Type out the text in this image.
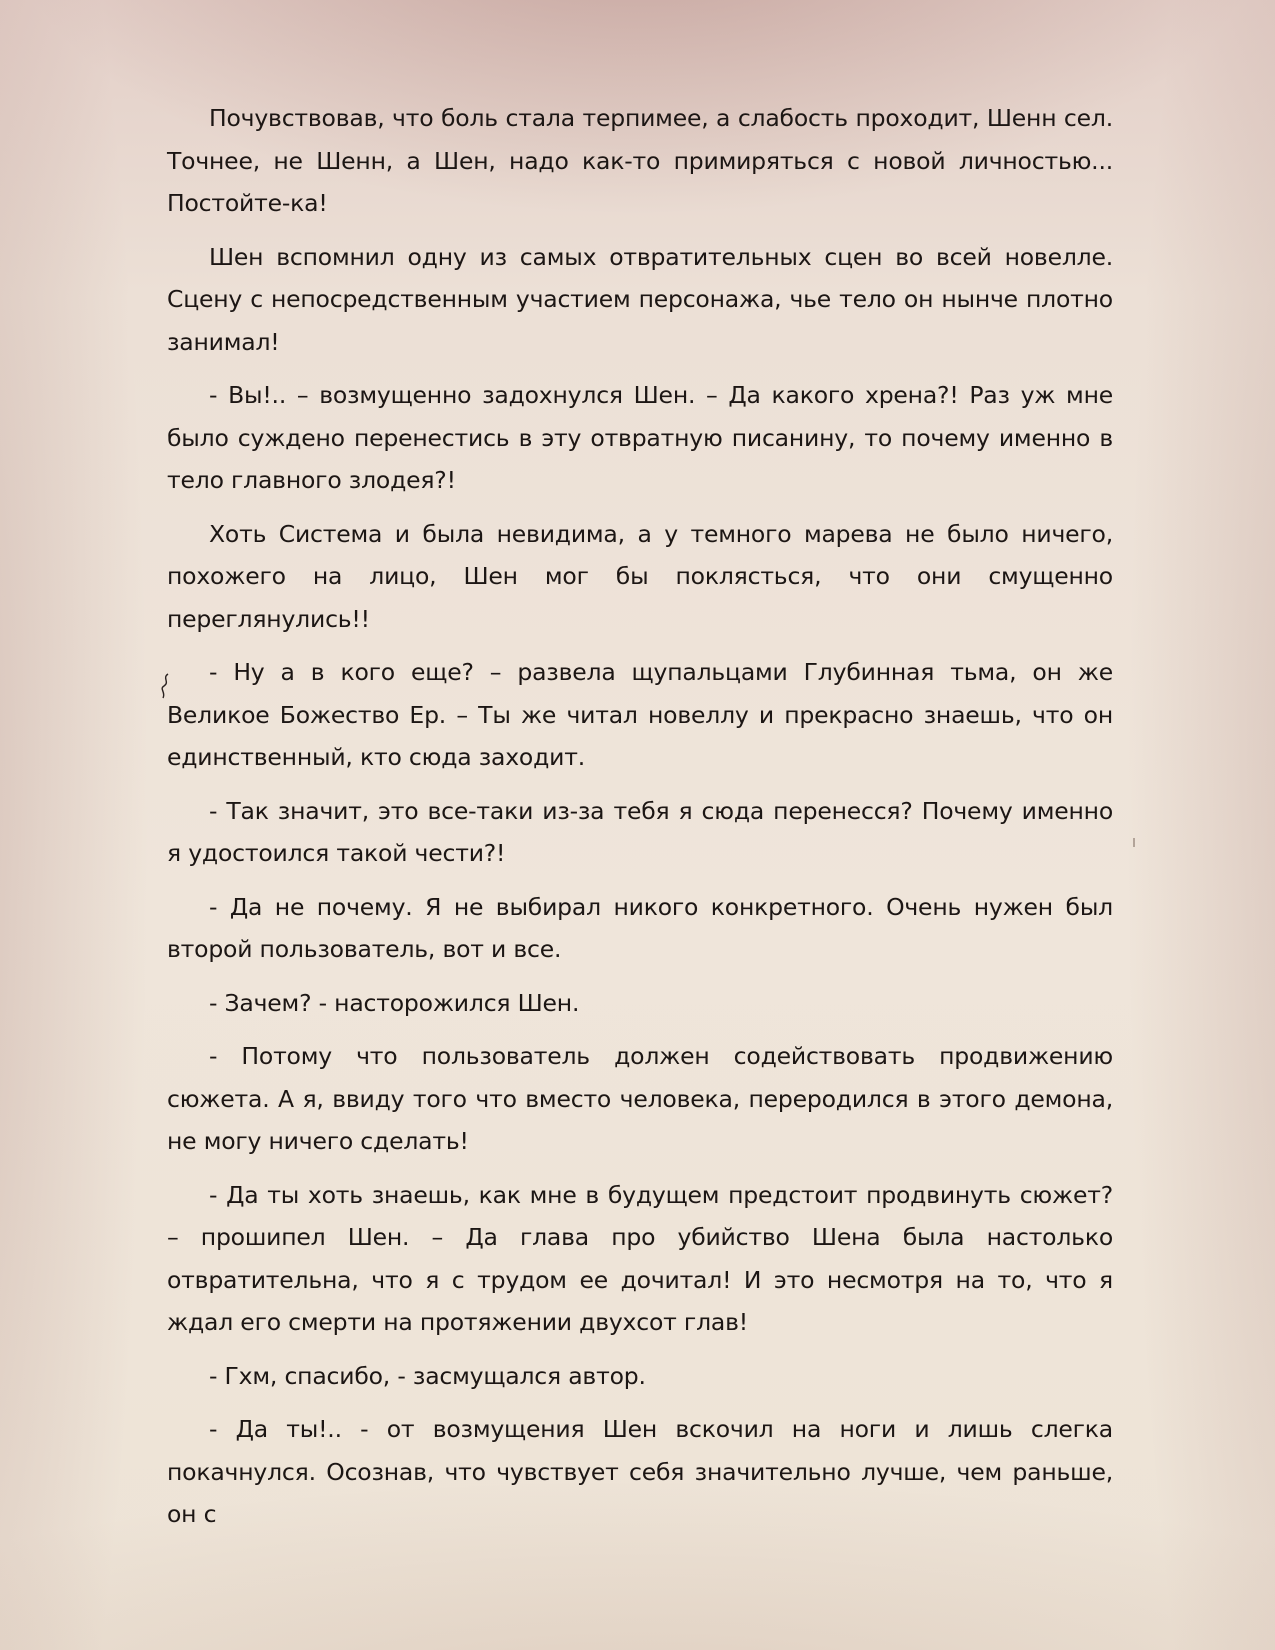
Почувствовав, что боль стала терпимее, а слабость проходит, Шенн сел. Точнее, не Шенн, а Шен, надо как-то примиряться с новой личностью... Постойте-ка!

Шен вспомнил одну из самых отвратительных сцен во всей новелле. Сцену с непосредственным участием персонажа, чье тело он нынче плотно занимал!

- Вы!.. – возмущенно задохнулся Шен. – Да какого хрена?! Раз уж мне было суждено перенестись в эту отвратную писанину, то почему именно в тело главного злодея?!

Хоть Система и была невидима, а у темного марева не было ничего, похожего на лицо, Шен мог бы поклясться, что они смущенно переглянулись!!

- Ну а в кого еще? – развела щупальцами Глубинная тьма, он же Великое Божество Ер. – Ты же читал новеллу и прекрасно знаешь, что он единственный, кто сюда заходит.

- Так значит, это все-таки из-за тебя я сюда перенесся? Почему именно я удостоился такой чести?!

- Да не почему. Я не выбирал никого конкретного. Очень нужен был второй пользователь, вот и все.

- Зачем? - насторожился Шен.

- Потому что пользователь должен содействовать продвижению сюжета. А я, ввиду того что вместо человека, переродился в этого демона, не могу ничего сделать!

- Да ты хоть знаешь, как мне в будущем предстоит продвинуть сюжет? – прошипел Шен. – Да глава про убийство Шена была настолько отвратительна, что я с трудом ее дочитал! И это несмотря на то, что я ждал его смерти на протяжении двухсот глав!

- Гхм, спасибо, - засмущался автор.

- Да ты!.. - от возмущения Шен вскочил на ноги и лишь слегка покачнулся. Осознав, что чувствует себя значительно лучше, чем раньше, он с
